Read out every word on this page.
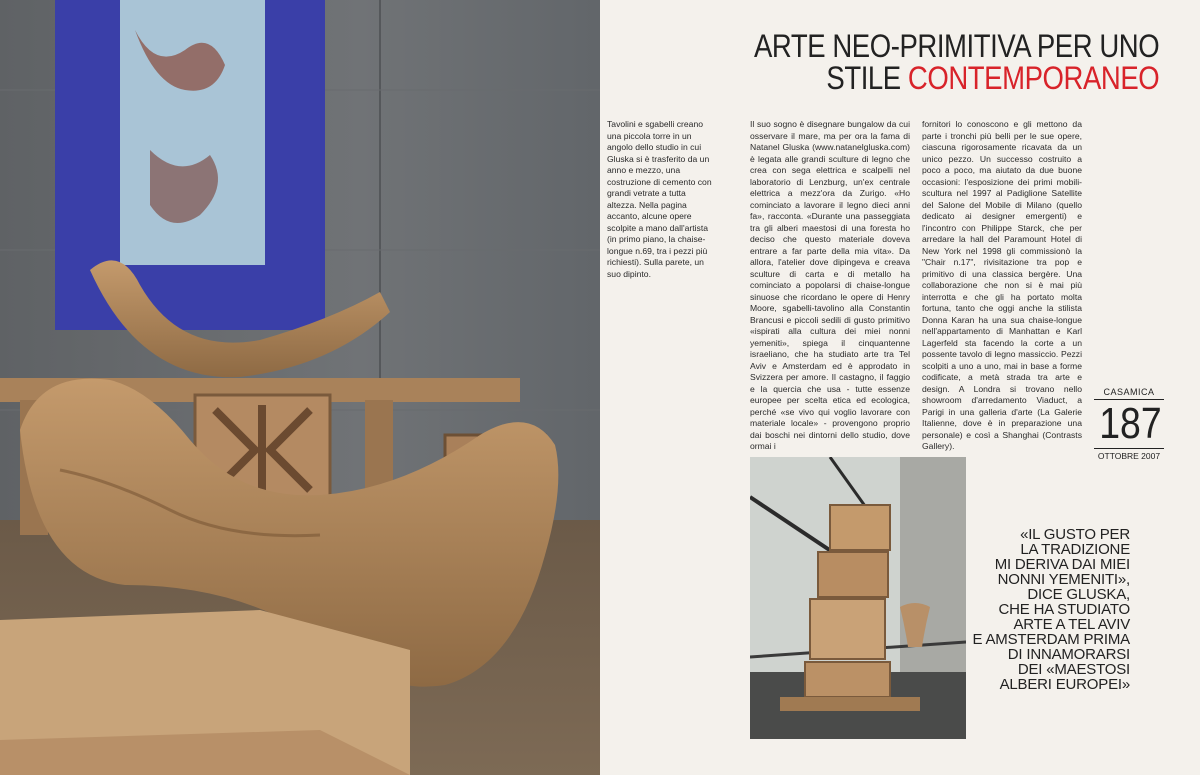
Tavolini e sgabelli creano una piccola torre in un angolo dello studio in cui Gluska si è trasferito da un anno e mezzo, una costruzione di cemento con grandi vetrate a tutta altezza. Nella pagina accanto, alcune opere scolpite a mano dall'artista (in primo piano, la chaise-longue n.69, tra i pezzi più richiesti). Sulla parete, un suo dipinto.

ARTE NEO-PRIMITIVA PER UNO
STILE CONTEMPORANEO

Il suo sogno è disegnare bungalow da cui osservare il mare, ma per ora la fama di Natanel Gluska (www.natanelgluska.com) è legata alle grandi sculture di legno che crea con sega elettrica e scalpelli nel laboratorio di Lenzburg, un'ex centrale elettrica a mezz'ora da Zurigo. «Ho cominciato a lavorare il legno dieci anni fa», racconta. «Durante una passeggiata tra gli alberi maestosi di una foresta ho deciso che questo materiale doveva entrare a far parte della mia vita». Da allora, l'atelier dove dipingeva e creava sculture di carta e di metallo ha cominciato a popolarsi di chaise-longue sinuose che ricordano le opere di Henry Moore, sgabelli-tavolino alla Constantin Brancusi e piccoli sedili di gusto primitivo «ispirati alla cultura dei miei nonni yemeniti», spiega il cinquantenne israeliano, che ha studiato arte tra Tel Aviv e Amsterdam ed è approdato in Svizzera per amore. Il castagno, il faggio e la quercia che usa - tutte essenze europee per scelta etica ed ecologica, perché «se vivo qui voglio lavorare con materiale locale» - provengono proprio dai boschi nei dintorni dello studio, dove ormai i

fornitori lo conoscono e gli mettono da parte i tronchi più belli per le sue opere, ciascuna rigorosamente ricavata da un unico pezzo. Un successo costruito a poco a poco, ma aiutato da due buone occasioni: l'esposizione dei primi mobili-scultura nel 1997 al Padiglione Satellite del Salone del Mobile di Milano (quello dedicato ai designer emergenti) e l'incontro con Philippe Starck, che per arredare la hall del Paramount Hotel di New York nel 1998 gli commissionò la "Chair n.17", rivisitazione tra pop e primitivo di una classica bergère. Una collaborazione che non si è mai più interrotta e che gli ha portato molta fortuna, tanto che oggi anche la stilista Donna Karan ha una sua chaise-longue nell'appartamento di Manhattan e Karl Lagerfeld sta facendo la corte a un possente tavolo di legno massiccio. Pezzi scolpiti a uno a uno, mai in base a forme codificate, a metà strada tra arte e design. A Londra si trovano nello showroom d'arredamento Viaduct, a Parigi in una galleria d'arte (La Galerie Italienne, dove è in preparazione una personale) e così a Shanghai (Contrasts Gallery).

CASAMICA
187
OTTOBRE 2007
«IL GUSTO PER
LA TRADIZIONE
MI DERIVA DAI MIEI
NONNI YEMENITI»,
DICE GLUSKA,
CHE HA STUDIATO
ARTE A TEL AVIV
E AMSTERDAM PRIMA
DI INNAMORARSI
DEI «MAESTOSI
ALBERI EUROPEI»
